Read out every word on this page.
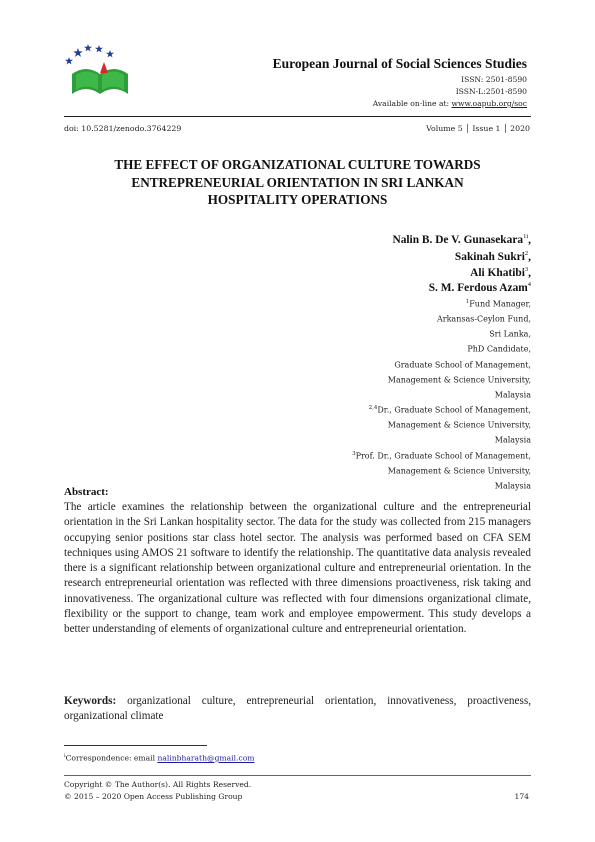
European Journal of Social Sciences Studies
ISSN: 2501-8590
ISSN-L:2501-8590
Available on-line at: www.oapub.org/soc
doi: 10.5281/zenodo.3764229	Volume 5 │ Issue 1 │ 2020
THE EFFECT OF ORGANIZATIONAL CULTURE TOWARDS
ENTREPRENEURIAL ORIENTATION IN SRI LANKAN
HOSPITALITY OPERATIONS
Nalin B. De V. Gunasekara$^{1i}$,
Sakinah Sukri$^2$,
Ali Khatibi$^3$,
S. M. Ferdous Azam$^4$
$^1$Fund Manager,
Arkansas-Ceylon Fund,
Sri Lanka,
PhD Candidate,
Graduate School of Management,
Management & Science University,
Malaysia
$^{2,4}$Dr., Graduate School of Management,
Management & Science University,
Malaysia
$^3$Prof. Dr., Graduate School of Management,
Management & Science University,
Malaysia
Abstract:
The article examines the relationship between the organizational culture and the entrepreneurial orientation in the Sri Lankan hospitality sector. The data for the study was collected from 215 managers occupying senior positions star class hotel sector. The analysis was performed based on CFA SEM techniques using AMOS 21 software to identify the relationship. The quantitative data analysis revealed there is a significant relationship between organizational culture and entrepreneurial orientation. In the research entrepreneurial orientation was reflected with three dimensions proactiveness, risk taking and innovativeness. The organizational culture was reflected with four dimensions organizational climate, flexibility or the support to change, team work and employee empowerment. This study develops a better understanding of elements of organizational culture and entrepreneurial orientation.
Keywords: organizational culture, entrepreneurial orientation, innovativeness, proactiveness, organizational climate
$^i$Correspondence: email nalinbharath@gmail.com
Copyright © The Author(s). All Rights Reserved.
© 2015 – 2020 Open Access Publishing Group	174
